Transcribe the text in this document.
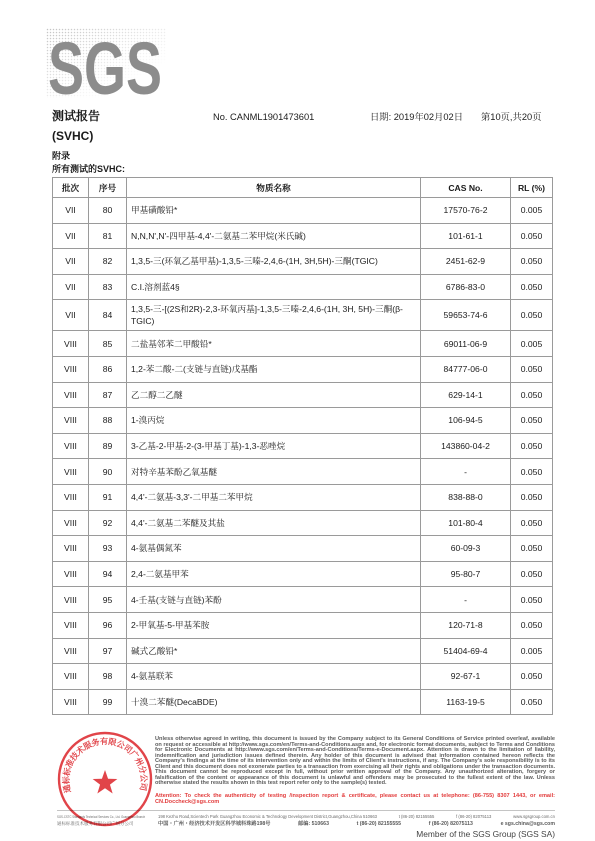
SGS
测试报告	No. CANML1901473601	日期: 2019年02月02日 第10页,共20页
(SVHC)
附录
所有测试的SVHC:
批次	序号	物质名称	CAS No.	RL (%)
VII	80	甲基磺酸铅*	17570-76-2	0.005
VII	81	N,N,N',N'-四甲基-4,4'-二氨基二苯甲烷(米氏碱)	101-61-1	0.050
VII	82	1,3,5-三(环氧乙基甲基)-1,3,5-三嗪-2,4,6-(1H, 3H,5H)-三酮(TGIC)	2451-62-9	0.050
VII	83	C.I.溶剂蓝4§	6786-83-0	0.050
VII	84	1,3,5-三-[(2S和2R)-2,3-环氧丙基]-1,3,5-三嗪-2,4,6-(1H, 3H, 5H)-三酮(β-TGIC)	59653-74-6	0.050
VIII	85	二盐基邻苯二甲酸铅*	69011-06-9	0.005
VIII	86	1,2-苯二酸-二(支链与直链)戊基酯	84777-06-0	0.050
VIII	87	乙二醇二乙醚	629-14-1	0.050
VIII	88	1-溴丙烷	106-94-5	0.050
VIII	89	3-乙基-2-甲基-2-(3-甲基丁基)-1,3-恶唑烷	143860-04-2	0.050
VIII	90	对特辛基苯酚乙氧基醚	-	0.050
VIII	91	4,4'-二氨基-3,3'-二甲基二苯甲烷	838-88-0	0.050
VIII	92	4,4'-二氨基二苯醚及其盐	101-80-4	0.050
VIII	93	4-氨基偶氮苯	60-09-3	0.050
VIII	94	2,4-二氨基甲苯	95-80-7	0.050
VIII	95	4-壬基(支链与直链)苯酚	-	0.050
VIII	96	2-甲氧基-5-甲基苯胺	120-71-8	0.050
VIII	97	碱式乙酸铅*	51404-69-4	0.005
VIII	98	4-氨基联苯	92-67-1	0.050
VIII	99	十溴二苯醚(DecaBDE)	1163-19-5	0.050

Unless otherwise agreed in writing, this document is issued by the Company subject to its General Conditions of Service printed overleaf, available on request or accessible at http://www.sgs.com/en/Terms-and-Conditions.aspx and, for electronic format documents, subject to Terms and Conditions for Electronic Documents at http://www.sgs.com/en/Terms-and-Conditions/Terms-e-Document.aspx. Attention is drawn to the limitation of liability, indemnification and jurisdiction issues defined therein. Any holder of this document is advised that information contained hereon reflects the Company's findings at the time of its intervention only and within the limits of Client's instructions, if any. The Company's sole responsibility is to its Client and this document does not exonerate parties to a transaction from exercising all their rights and obligations under the transaction documents. This document cannot be reproduced except in full, without prior written approval of the Company. Any unauthorized alteration, forgery or falsification of the content or appearance of this document is unlawful and offenders may be prosecuted to the fullest extent of the law. Unless otherwise stated the results shown in this test report refer only to the sample(s) tested.

Attention: To check the authenticity of testing /inspection report & certificate, please contact us at telephone: (86-755) 8307 1443, or email: CN.Doccheck@sgs.com

SGS-CSTC Standards Technical Services Co., Ltd. Guangzhou Branch
通标标准技术服务有限公司广州分公司
198 Kezhu Road,Scientech Park Guangzhou Economic & Technology Development District,Guangzhou,China 510663	t (86-20) 82155555	f (86-20) 82075113	www.sgsgroup.com.cn
中国・广州・经济技术开发区科学城科珠路198号	邮编: 510663	t (86-20) 82155555	f (86-20) 82075113	e sgs.china@sgs.com
Member of the SGS Group (SGS SA)
通标标准技术服务有限公司广州分公司
